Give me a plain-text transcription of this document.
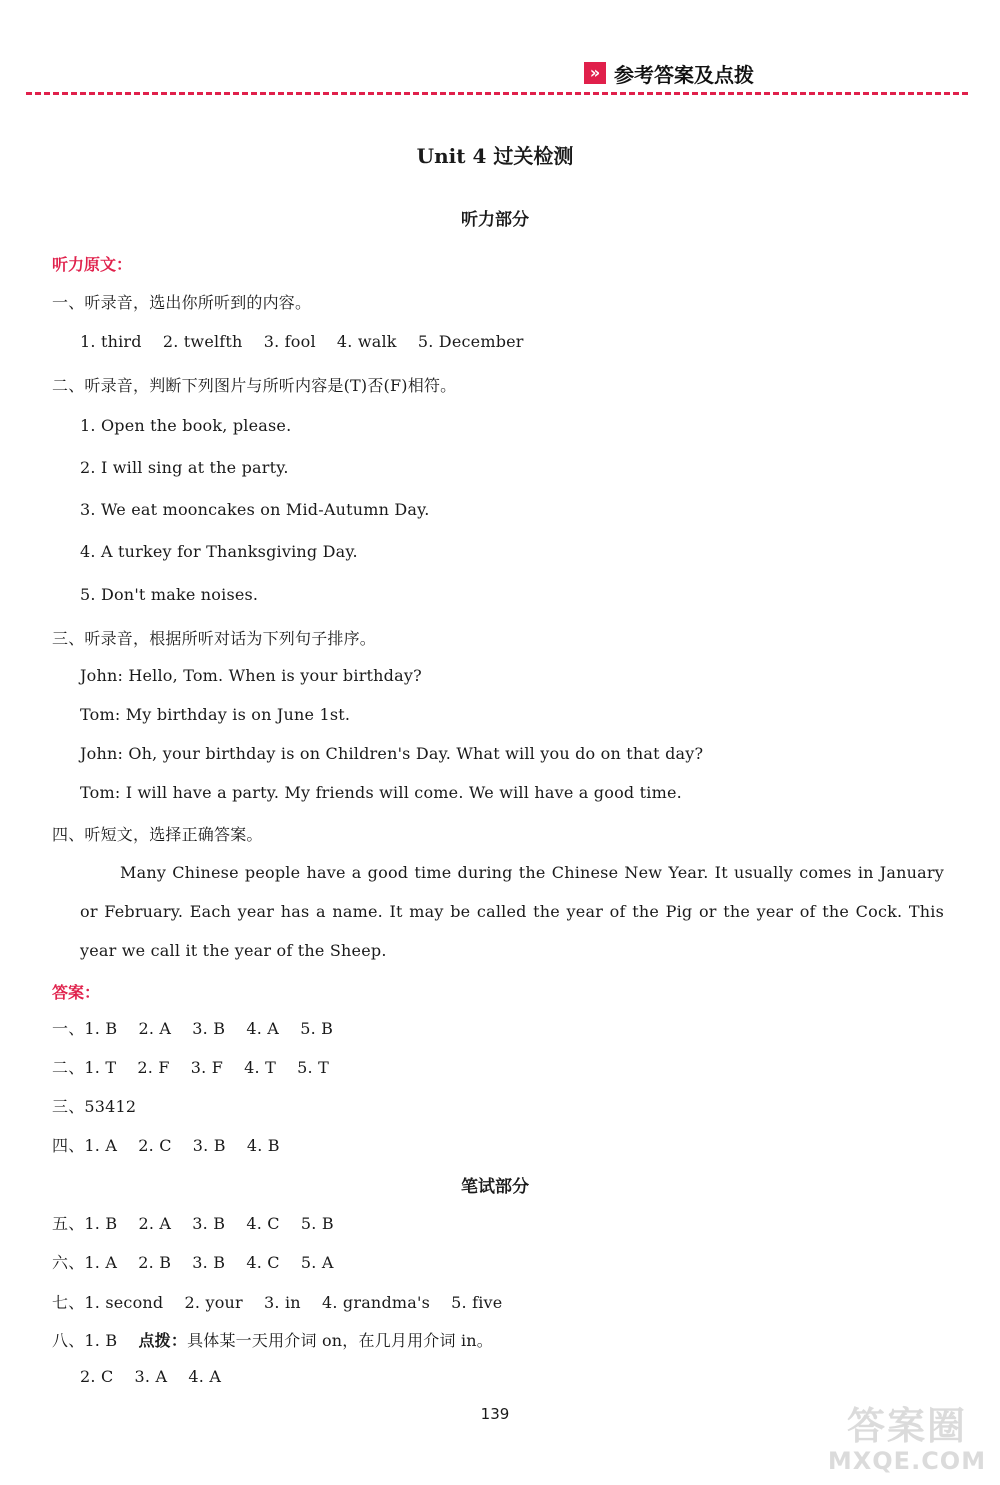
» 参考答案及点拨
Unit 4 过关检测
听力部分
听力原文：
一、听录音，选出你所听到的内容。
1. third    2. twelfth    3. fool    4. walk    5. December
二、听录音，判断下列图片与所听内容是(T)否(F)相符。
1. Open the book, please.
2. I will sing at the party.
3. We eat mooncakes on Mid-Autumn Day.
4. A turkey for Thanksgiving Day.
5. Don't make noises.
三、听录音，根据所听对话为下列句子排序。
John: Hello, Tom. When is your birthday?
Tom: My birthday is on June 1st.
John: Oh, your birthday is on Children's Day. What will you do on that day?
Tom: I will have a party. My friends will come. We will have a good time.
四、听短文，选择正确答案。
Many Chinese people have a good time during the Chinese New Year. It usually comes in January or February. Each year has a name. It may be called the year of the Pig or the year of the Cock. This year we call it the year of the Sheep.
答案：
一、1. B    2. A    3. B    4. A    5. B
二、1. T    2. F    3. F    4. T    5. T
三、53412
四、1. A    2. C    3. B    4. B
笔试部分
五、1. B    2. A    3. B    4. C    5. B
六、1. A    2. B    3. B    4. C    5. A
七、1. second    2. your    3. in    4. grandma's    5. five
八、1. B    点拨：具体某一天用介词 on，在几月用介词 in。
2. C    3. A    4. A
139	答案圈
MXQE.COM
